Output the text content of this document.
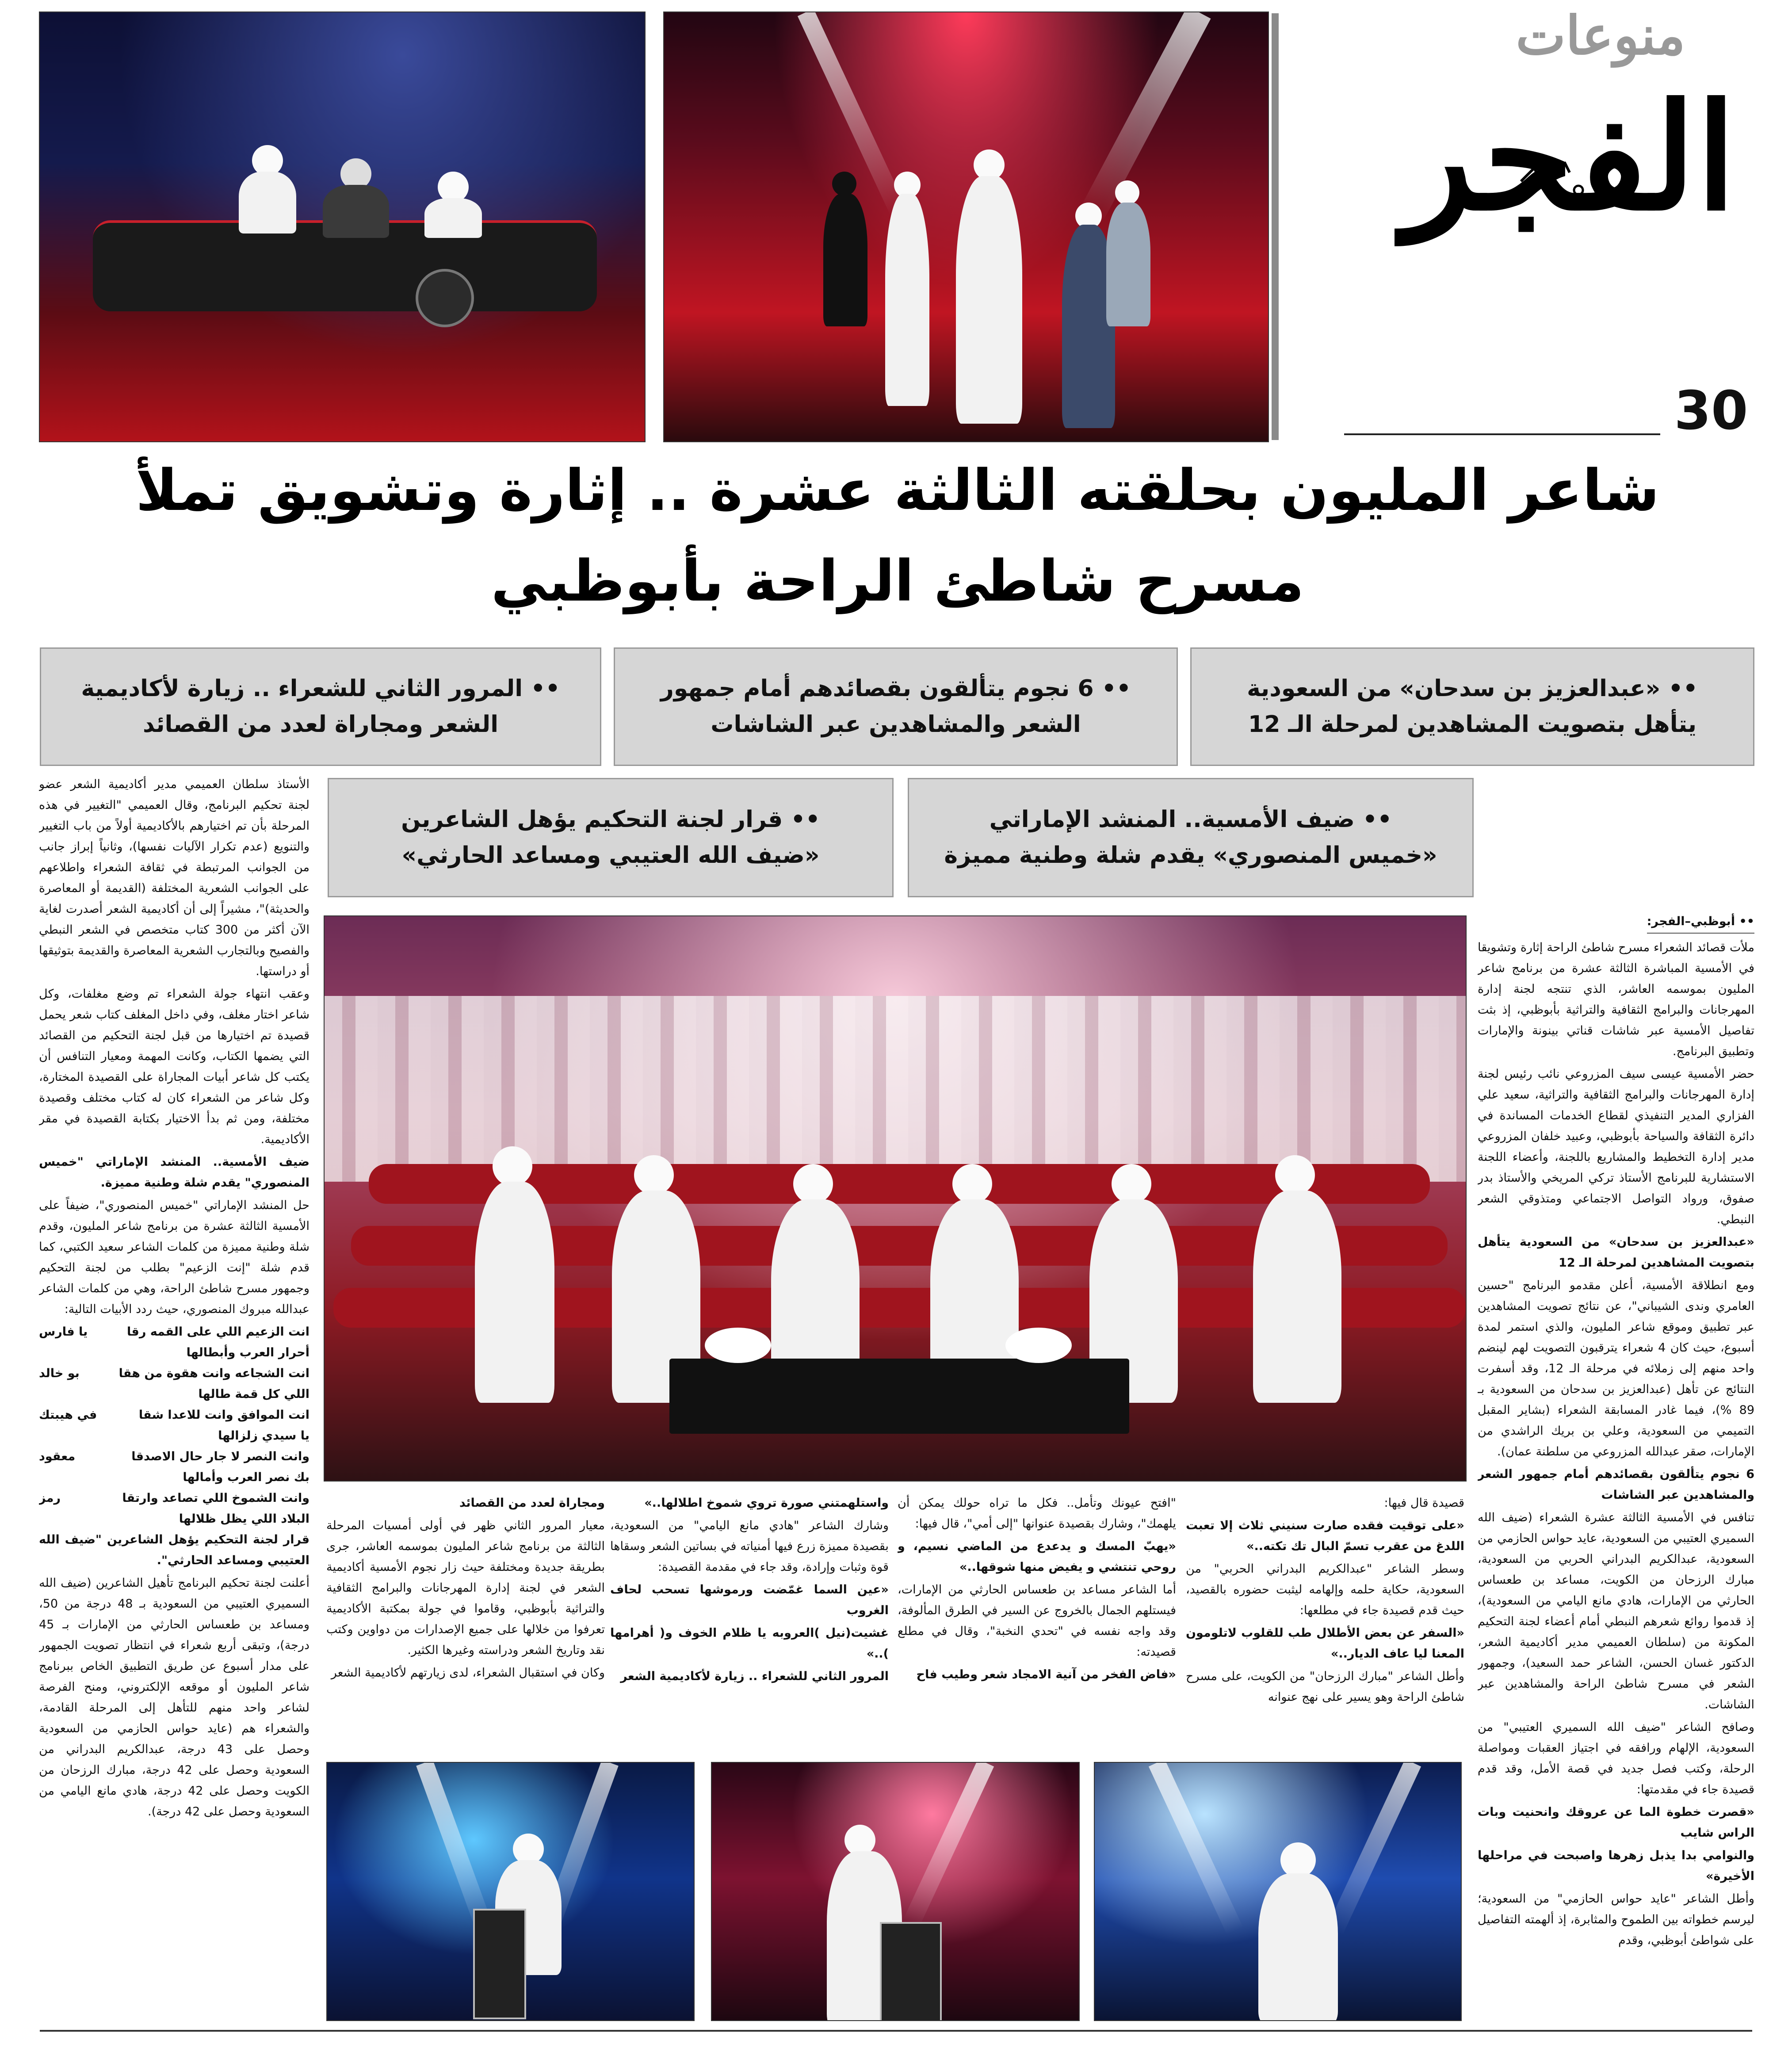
منوعات
الفجر
30
شاعر المليون بحلقته الثالثة عشرة .. إثارة وتشويق تملأ
مسرح شاطئ الراحة بأبوظبي
•• «عبدالعزيز بن سدحان» من السعودية
يتأهل بتصويت المشاهدين لمرحلة الـ 12
•• 6 نجوم يتألقون بقصائدهم أمام جمهور
الشعر والمشاهدين عبر الشاشات
•• المرور الثاني للشعراء .. زيارة لأكاديمية
الشعر ومجاراة لعدد من القصائد
•• ضيف الأمسية.. المنشد الإماراتي
«خميس المنصوري» يقدم شلة وطنية مميزة
•• قرار لجنة التحكيم يؤهل الشاعرين
«ضيف الله العتيبي ومساعد الحارثي»
•• أبوظبي–الفجر:

ملأت قصائد الشعراء مسرح شاطئ الراحة إثارة وتشويقا في الأمسية المباشرة الثالثة عشرة من برنامج شاعر المليون بموسمه العاشر، الذي تنتجه لجنة إدارة المهرجانات والبرامج الثقافية والتراثية بأبوظبي، إذ بثت تفاصيل الأمسية عبر شاشات قناتي بينونة والإمارات وتطبيق البرنامج.

حضر الأمسية عيسى سيف المزروعي نائب رئيس لجنة إدارة المهرجانات والبرامج الثقافية والتراثية، سعيد علي الفزاري المدير التنفيذي لقطاع الخدمات المساندة في دائرة الثقافة والسياحة بأبوظبي، وعبيد خلفان المزروعي مدير إدارة التخطيط والمشاريع باللجنة، وأعضاء اللجنة الاستشارية للبرنامج الأستاذ تركي المريخي والأستاذ بدر صفوق، ورواد التواصل الاجتماعي ومتذوقي الشعر النبطي.

«عبدالعزيز بن سدحان» من السعودية يتأهل بتصويت المشاهدين لمرحلة الـ 12

ومع انطلاقة الأمسية، أعلن مقدمو البرنامج "حسين العامري وندى الشيباني"، عن نتائج تصويت المشاهدين عبر تطبيق وموقع شاعر المليون، والذي استمر لمدة أسبوع، حيث كان 4 شعراء يترقبون التصويت لهم لينضم واحد منهم إلى زملائه في مرحلة الـ 12، وقد أسفرت النتائج عن تأهل (عبدالعزيز بن سدحان من السعودية بـ 89 %)، فيما غادر المسابقة الشعراء (بشاير المقبل التميمي من السعودية، وعلي بن بريك الراشدي من الإمارات، صقر عبدالله المزروعي من سلطنة عمان).

6 نجوم يتألقون بقصائدهم أمام جمهور الشعر والمشاهدين عبر الشاشات

تنافس في الأمسية الثالثة عشرة الشعراء (ضيف الله السميري العتيبي من السعودية، عايد حواس الحازمي من السعودية، عبدالكريم البدراني الحربي من السعودية، مبارك الرزحان من الكويت، مساعد بن طعساس الحارثي من الإمارات، هادي مانع اليامي من السعودية)، إذ قدموا روائع شعرهم النبطي أمام أعضاء لجنة التحكيم المكونة من (سلطان العميمي مدير أكاديمية الشعر، الدكتور غسان الحسن، الشاعر حمد السعيد)، وجمهور الشعر في مسرح شاطئ الراحة والمشاهدين عبر الشاشات.

وصافح الشاعر "ضيف الله السميري العتيبي" من السعودية، الإلهام ورافقه في اجتياز العقبات ومواصلة الرحلة، وكتب فصل جديد في قصة الأمل، وقد قدم قصيدة جاء في مقدمتها:

«قصرت خطوة الما عن عروقك وانحنيت وبات الراس شايب

والنوامي بدا يذبل زهرها واصبحت في مراحلها الأخيرة»

وأطل الشاعر "عايد حواس الحازمي" من السعودية؛ ليرسم خطواته بين الطموح والمثابرة، إذ ألهمته التفاصيل على شواطئ أبوظبي، وقدم

قصيدة قال فيها:

«على توقيت فقده صارت سنيني ثلاث إلا تعبت اللدغ من عقرب تسمّ البال تك تكته..»

وسطر الشاعر "عبدالكريم البدراني الحربي" من السعودية، حكاية حلمه وإلهامه ليثبت حضوره بالقصيد، حيث قدم قصيدة جاء في مطلعها:

«السفر عن بعض الأطلال طب للقلوب لاتلومون المعنا ليا عاف الديار..»

وأطل الشاعر "مبارك الرزحان" من الكويت، على مسرح شاطئ الراحة وهو يسير على نهج عنوانه

"افتح عيونك وتأمل.. فكل ما تراه حولك يمكن أن يلهمك"، وشارك بقصيدة عنوانها "إلى أمي"، قال فيها:

«يهبّ المسك و يدعدع من الماضي نسيم، و روحي تنتشي و يفيض منها شوقها..»

أما الشاعر مساعد بن طعساس الحارثي من الإمارات، فيستلهم الجمال بالخروج عن السير في الطرق المألوفة، وقد واجه نفسه في "تحدي النخبة"، وقال في مطلع قصيدته:

«فاض الفخر من آنية الامجاد شعر وطيب فاح

واستلهمتني صورة تروي شموخ اطلالها..»

وشارك الشاعر "هادي مانع اليامي" من السعودية، بقصيدة مميزة زرع فيها أمنياته في بساتين الشعر وسقاها قوة وثبات وإرادة، وقد جاء في مقدمة القصيدة:

«عين السما غمّضت ورموشها تسحب لحاف الغروب

غشيت(نيل )العروبه يا ظلام الخوف و( أهرامها )..»

المرور الثاني للشعراء .. زيارة لأكاديمية الشعر

ومجاراة لعدد من القصائد

معيار المرور الثاني ظهر في أولى أمسيات المرحلة الثالثة من برنامج شاعر المليون بموسمه العاشر، جرى بطريقة جديدة ومختلفة حيث زار نجوم الأمسية أكاديمية الشعر في لجنة إدارة المهرجانات والبرامج الثقافية والتراثية بأبوظبي، وقاموا في جولة بمكتبة الأكاديمية تعرفوا من خلالها على جميع الإصدارات من دواوين وكتب نقد وتاريخ الشعر ودراسته وغيرها الكثير.

وكان في استقبال الشعراء، لدى زيارتهم لأكاديمية الشعر

الأستاذ سلطان العميمي مدير أكاديمية الشعر عضو لجنة تحكيم البرنامج، وقال العميمي "التغيير في هذه المرحلة بأن تم اختيارهم بالأكاديمية أولاً من باب التغيير والتنويع (عدم تكرار الآليات نفسها)، وثانياً إبراز جانب من الجوانب المرتبطة في ثقافة الشعراء واطلاعهم على الجوانب الشعرية المختلفة (القديمة أو المعاصرة والحديثة)"، مشيراً إلى أن أكاديمية الشعر أصدرت لغاية الآن أكثر من 300 كتاب متخصص في الشعر النبطي والفصيح وبالتجارب الشعرية المعاصرة والقديمة بتوثيقها أو دراستها.

وعقب انتهاء جولة الشعراء تم وضع مغلفات، وكل شاعر اختار مغلف، وفي داخل المغلف كتاب شعر يحمل قصيدة تم اختيارها من قبل لجنة التحكيم من القصائد التي يضمها الكتاب، وكانت المهمة ومعيار التنافس أن يكتب كل شاعر أبيات المجاراة على القصيدة المختارة، وكل شاعر من الشعراء كان له كتاب مختلف وقصيدة مختلفة، ومن ثم بدأ الاختيار بكتابة القصيدة في مقر الأكاديمية.

ضيف الأمسية.. المنشد الإماراتي "خميس المنصوري" يقدم شلة وطنية مميزة.

حل المنشد الإماراتي "خميس المنصوري"، ضيفاً على الأمسية الثالثة عشرة من برنامج شاعر المليون، وقدم شلة وطنية مميزة من كلمات الشاعر سعيد الكتبي، كما قدم شلة "إنت الزعيم" بطلب من لجنة التحكيم وجمهور مسرح شاطئ الراحة، وهي من كلمات الشاعر عبدالله مبروك المنصوري، حيث ردد الأبيات التالية:

انت الزعيم اللي على القمه رقا
يا فارس
أحرار العرب وأبطالها
انت الشجاعه وانت هقوة من هقا
بو خالد
اللي كل قمة طالها
انت الموافق وانت للاعدا شقا
في هيبتك
يا سيدي زلزالها
وانت النصر لا جار حال الاصدقا
معقود
بك نصر العرب وأمالها
وانت الشموخ اللي تصاعد وارتقا
رمز
البلاد اللي يظل ظلالها

قرار لجنة التحكيم يؤهل الشاعرين "ضيف الله العتيبي ومساعد الحارثي".

أعلنت لجنة تحكيم البرنامج تأهيل الشاعرين (ضيف الله السميري العتيبي من السعودية بـ 48 درجة من 50، ومساعد بن طعساس الحارثي من الإمارات بـ 45 درجة)، وتبقى أربع شعراء في انتظار تصويت الجمهور على مدار أسبوع عن طريق التطبيق الخاص ببرنامج شاعر المليون أو موقعه الإلكتروني، ومنح الفرصة لشاعر واحد منهم للتأهل إلى المرحلة القادمة، والشعراء هم (عايد حواس الحازمي من السعودية وحصل على 43 درجة، عبدالكريم البدراني من السعودية وحصل على 42 درجة، مبارك الرزحان من الكويت وحصل على 42 درجة، هادي مانع اليامي من السعودية وحصل على 42 درجة).
